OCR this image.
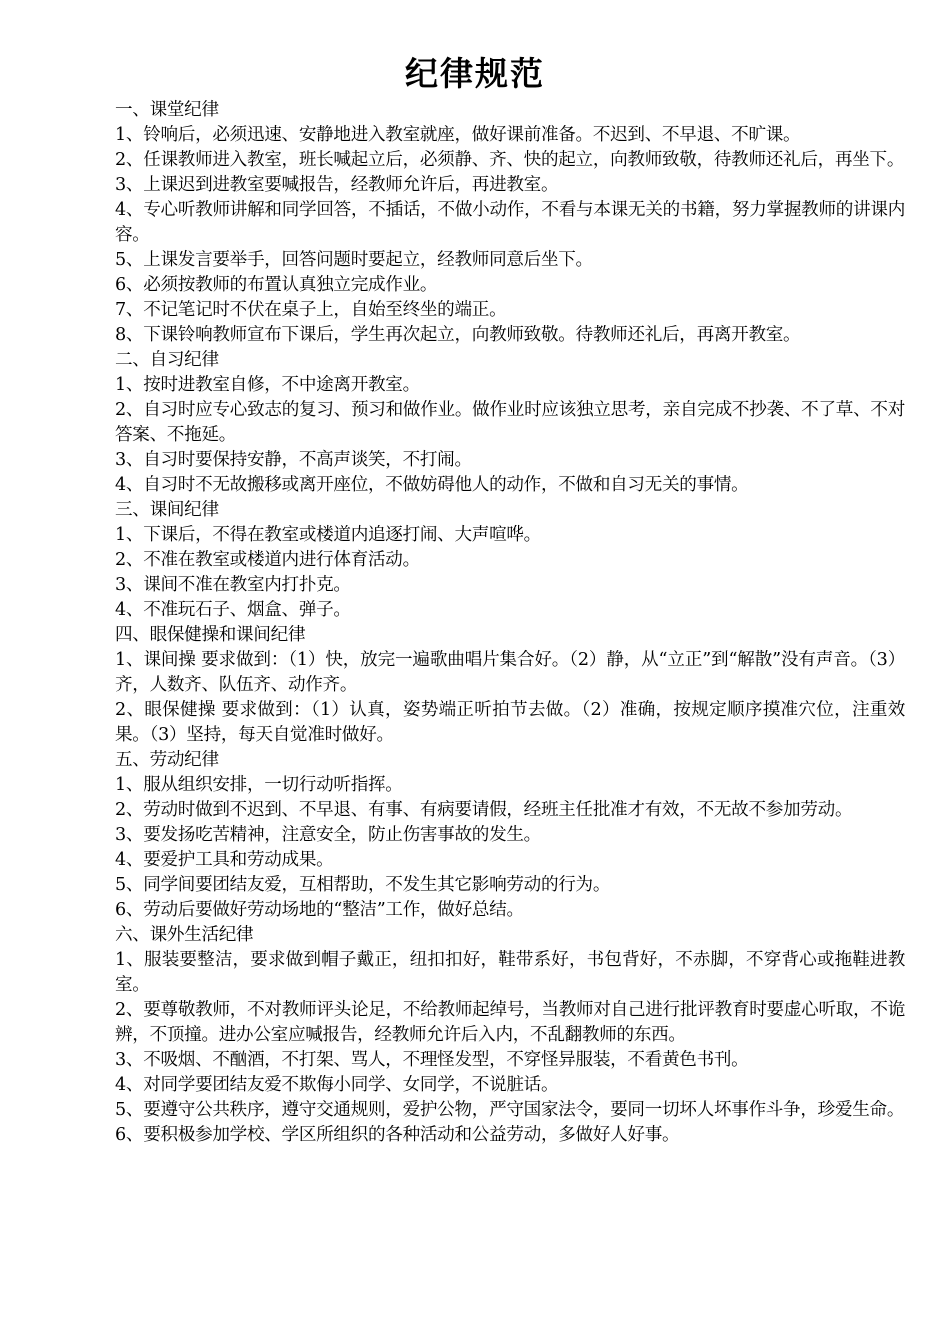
纪律规范

一、课堂纪律

1、铃响后，必须迅速、安静地进入教室就座，做好课前准备。不迟到、不早退、不旷课。

2、任课教师进入教室，班长喊起立后，必须静、齐、快的起立，向教师致敬，待教师还礼后，再坐下。

3、上课迟到进教室要喊报告，经教师允许后，再进教室。

4、专心听教师讲解和同学回答，不插话，不做小动作，不看与本课无关的书籍，努力掌握教师的讲课内容。

5、上课发言要举手，回答问题时要起立，经教师同意后坐下。

6、必须按教师的布置认真独立完成作业。

7、不记笔记时不伏在桌子上，自始至终坐的端正。

8、下课铃响教师宣布下课后，学生再次起立，向教师致敬。待教师还礼后，再离开教室。

二、自习纪律

1、按时进教室自修，不中途离开教室。

2、自习时应专心致志的复习、预习和做作业。做作业时应该独立思考，亲自完成不抄袭、不了草、不对答案、不拖延。

3、自习时要保持安静，不高声谈笑，不打闹。

4、自习时不无故搬移或离开座位，不做妨碍他人的动作，不做和自习无关的事情。

三、课间纪律

1、下课后，不得在教室或楼道内追逐打闹、大声喧哗。

2、不准在教室或楼道内进行体育活动。

3、课间不准在教室内打扑克。

4、不准玩石子、烟盒、弹子。

四、眼保健操和课间纪律

1、课间操 要求做到：（1）快，放完一遍歌曲唱片集合好。（2）静，从“立正”到“解散”没有声音。（3）齐，人数齐、队伍齐、动作齐。

2、眼保健操 要求做到：（1）认真，姿势端正听拍节去做。（2）准确，按规定顺序摸准穴位，注重效果。（3）坚持，每天自觉准时做好。

五、劳动纪律

1、服从组织安排，一切行动听指挥。

2、劳动时做到不迟到、不早退、有事、有病要请假，经班主任批准才有效，不无故不参加劳动。

3、要发扬吃苦精神，注意安全，防止伤害事故的发生。

4、要爱护工具和劳动成果。

5、同学间要团结友爱，互相帮助，不发生其它影响劳动的行为。

6、劳动后要做好劳动场地的“整洁”工作，做好总结。

六、课外生活纪律

1、服装要整洁，要求做到帽子戴正，纽扣扣好，鞋带系好，书包背好，不赤脚，不穿背心或拖鞋进教室。

2、要尊敬教师，不对教师评头论足，不给教师起绰号，当教师对自己进行批评教育时要虚心听取，不诡辨，不顶撞。进办公室应喊报告，经教师允许后入内，不乱翻教师的东西。

3、不吸烟、不酗酒，不打架、骂人，不理怪发型，不穿怪异服装，不看黄色书刊。

4、对同学要团结友爱不欺侮小同学、女同学，不说脏话。

5、要遵守公共秩序，遵守交通规则，爱护公物，严守国家法令，要同一切坏人坏事作斗争，珍爱生命。

6、要积极参加学校、学区所组织的各种活动和公益劳动，多做好人好事。
